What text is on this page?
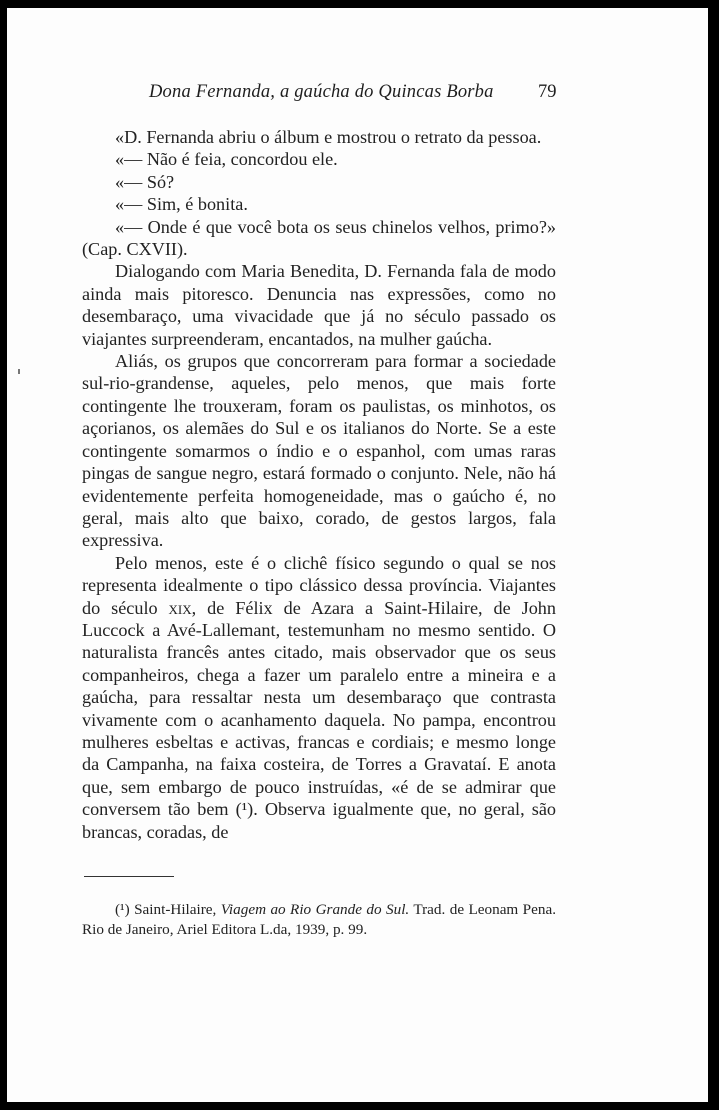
Dona Fernanda, a gaúcha do Quincas Borba 79

«D. Fernanda abriu o álbum e mostrou o retrato da pessoa.

«— Não é feia, concordou ele.

«— Só?

«— Sim, é bonita.

«— Onde é que você bota os seus chinelos velhos, primo?» (Cap. CXVII).

Dialogando com Maria Benedita, D. Fernanda fala de modo ainda mais pitoresco. Denuncia nas expressões, como no desembaraço, uma vivacidade que já no século passado os viajantes surpreenderam, encantados, na mulher gaúcha.

Aliás, os grupos que concorreram para formar a sociedade sul-rio-grandense, aqueles, pelo menos, que mais forte contingente lhe trouxeram, foram os paulistas, os minhotos, os açorianos, os alemães do Sul e os italianos do Norte. Se a este contingente somarmos o índio e o espanhol, com umas raras pingas de sangue negro, estará formado o conjunto. Nele, não há evidentemente perfeita homogeneidade, mas o gaúcho é, no geral, mais alto que baixo, corado, de gestos largos, fala expressiva.

Pelo menos, este é o clichê físico segundo o qual se nos representa idealmente o tipo clássico dessa província. Viajantes do século xix, de Félix de Azara a Saint-Hilaire, de John Luccock a Avé-Lallemant, testemunham no mesmo sentido. O naturalista francês antes citado, mais observador que os seus companheiros, chega a fazer um paralelo entre a mineira e a gaúcha, para ressaltar nesta um desembaraço que contrasta vivamente com o acanhamento daquela. No pampa, encontrou mulheres esbeltas e activas, francas e cordiais; e mesmo longe da Campanha, na faixa costeira, de Torres a Gravataí. E anota que, sem embargo de pouco instruídas, «é de se admirar que conversem tão bem (¹). Observa igualmente que, no geral, são brancas, coradas, de

(¹) Saint-Hilaire, Viagem ao Rio Grande do Sul. Trad. de Leonam Pena. Rio de Janeiro, Ariel Editora L.da, 1939, p. 99.
